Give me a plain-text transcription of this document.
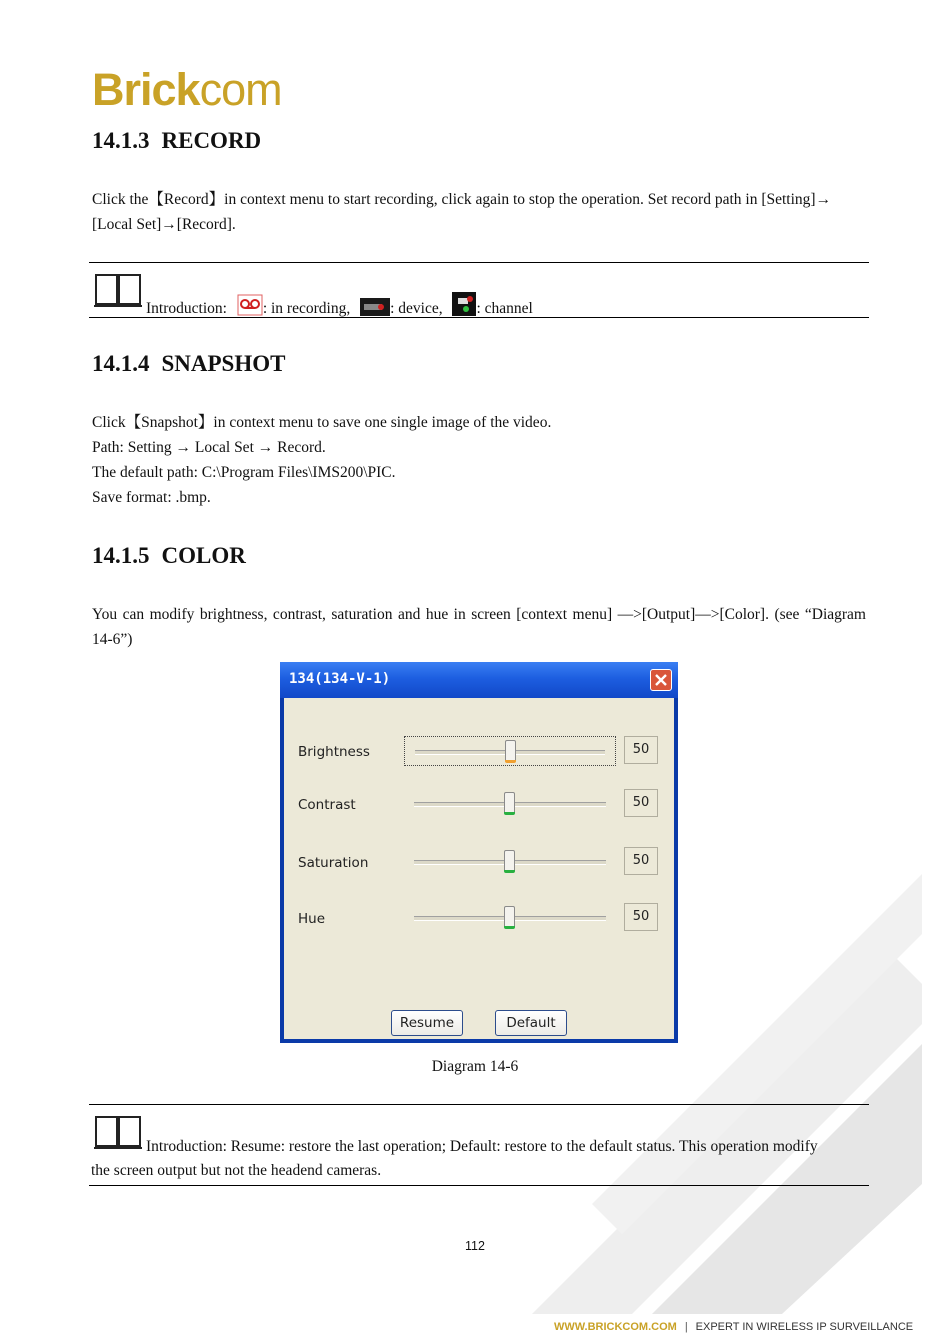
Brickcom
14.1.3 RECORD
Click the【Record】in context menu to start recording, click again to stop the operation. Set record path in [Setting]→
[Local Set]→[Record].
Introduction: : in recording,	: device, : channel
14.1.4 SNAPSHOT
Click【Snapshot】in context menu to save one single image of the video.
Path: Setting → Local Set → Record.
The default path: C:\Program Files\IMS200\PIC.
Save format: .bmp.
14.1.5 COLOR
You can modify brightness, contrast, saturation and hue in screen [context menu] —>[Output]—>[Color]. (see “Diagram 14-6”)
134(134-V-1)
Brightness	50
Contrast	50
Saturation	50
Hue	50
Resume	Default
Diagram 14-6
Introduction: Resume: restore the last operation; Default: restore to the default status. This operation modify
the screen output but not the headend cameras.
112
WWW.BRICKCOM.COM | EXPERT IN WIRELESS IP SURVEILLANCE
